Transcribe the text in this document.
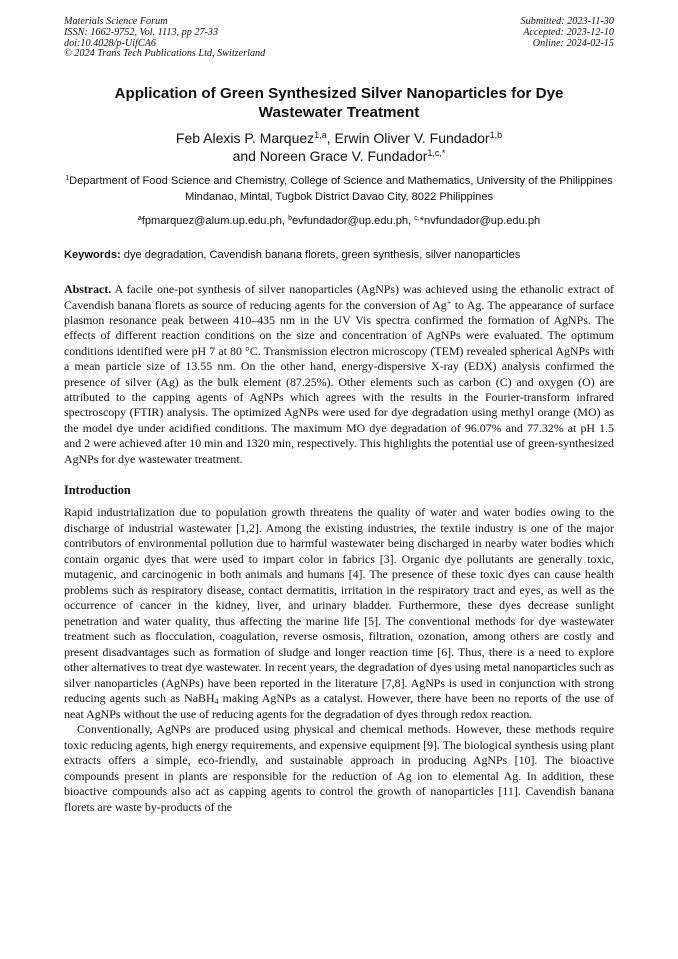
Materials Science Forum
ISSN: 1662-9752, Vol. 1113, pp 27-33
doi:10.4028/p-UifCA6
© 2024 Trans Tech Publications Ltd, Switzerland
Submitted: 2023-11-30
Accepted: 2023-12-10
Online: 2024-02-15
Application of Green Synthesized Silver Nanoparticles for Dye Wastewater Treatment
Feb Alexis P. Marquez$^{1,a}$, Erwin Oliver V. Fundador$^{1,b}$
and Noreen Grace V. Fundador$^{1,c,*}$
$^1$Department of Food Science and Chemistry, College of Science and Mathematics, University of the Philippines Mindanao, Mintal, Tugbok District Davao City, 8022 Philippines
$^a$fpmarquez@alum.up.edu.ph, $^b$evfundador@up.edu.ph, $^{c,}$*nvfundador@up.edu.ph
Keywords: dye degradation, Cavendish banana florets, green synthesis, silver nanoparticles
Abstract. A facile one-pot synthesis of silver nanoparticles (AgNPs) was achieved using the ethanolic extract of Cavendish banana florets as source of reducing agents for the conversion of Ag+ to Ag. The appearance of surface plasmon resonance peak between 410–435 nm in the UV Vis spectra confirmed the formation of AgNPs. The effects of different reaction conditions on the size and concentration of AgNPs were evaluated. The optimum conditions identified were pH 7 at 80 °C. Transmission electron microscopy (TEM) revealed spherical AgNPs with a mean particle size of 13.55 nm. On the other hand, energy-dispersive X-ray (EDX) analysis confirmed the presence of silver (Ag) as the bulk element (87.25%). Other elements such as carbon (C) and oxygen (O) are attributed to the capping agents of AgNPs which agrees with the results in the Fourier-transform infrared spectroscopy (FTIR) analysis. The optimized AgNPs were used for dye degradation using methyl orange (MO) as the model dye under acidified conditions. The maximum MO dye degradation of 96.07% and 77.32% at pH 1.5 and 2 were achieved after 10 min and 1320 min, respectively. This highlights the potential use of green-synthesized AgNPs for dye wastewater treatment.
Introduction
Rapid industrialization due to population growth threatens the quality of water and water bodies owing to the discharge of industrial wastewater [1,2]. Among the existing industries, the textile industry is one of the major contributors of environmental pollution due to harmful wastewater being discharged in nearby water bodies which contain organic dyes that were used to impart color in fabrics [3]. Organic dye pollutants are generally toxic, mutagenic, and carcinogenic in both animals and humans [4]. The presence of these toxic dyes can cause health problems such as respiratory disease, contact dermatitis, irritation in the respiratory tract and eyes, as well as the occurrence of cancer in the kidney, liver, and urinary bladder. Furthermore, these dyes decrease sunlight penetration and water quality, thus affecting the marine life [5]. The conventional methods for dye wastewater treatment such as flocculation, coagulation, reverse osmosis, filtration, ozonation, among others are costly and present disadvantages such as formation of sludge and longer reaction time [6]. Thus, there is a need to explore other alternatives to treat dye wastewater. In recent years, the degradation of dyes using metal nanoparticles such as silver nanoparticles (AgNPs) have been reported in the literature [7,8]. AgNPs is used in conjunction with strong reducing agents such as NaBH$_4$ making AgNPs as a catalyst. However, there have been no reports of the use of neat AgNPs without the use of reducing agents for the degradation of dyes through redox reaction.
Conventionally, AgNPs are produced using physical and chemical methods. However, these methods require toxic reducing agents, high energy requirements, and expensive equipment [9]. The biological synthesis using plant extracts offers a simple, eco-friendly, and sustainable approach in producing AgNPs [10]. The bioactive compounds present in plants are responsible for the reduction of Ag ion to elemental Ag. In addition, these bioactive compounds also act as capping agents to control the growth of nanoparticles [11]. Cavendish banana florets are waste by-products of the
